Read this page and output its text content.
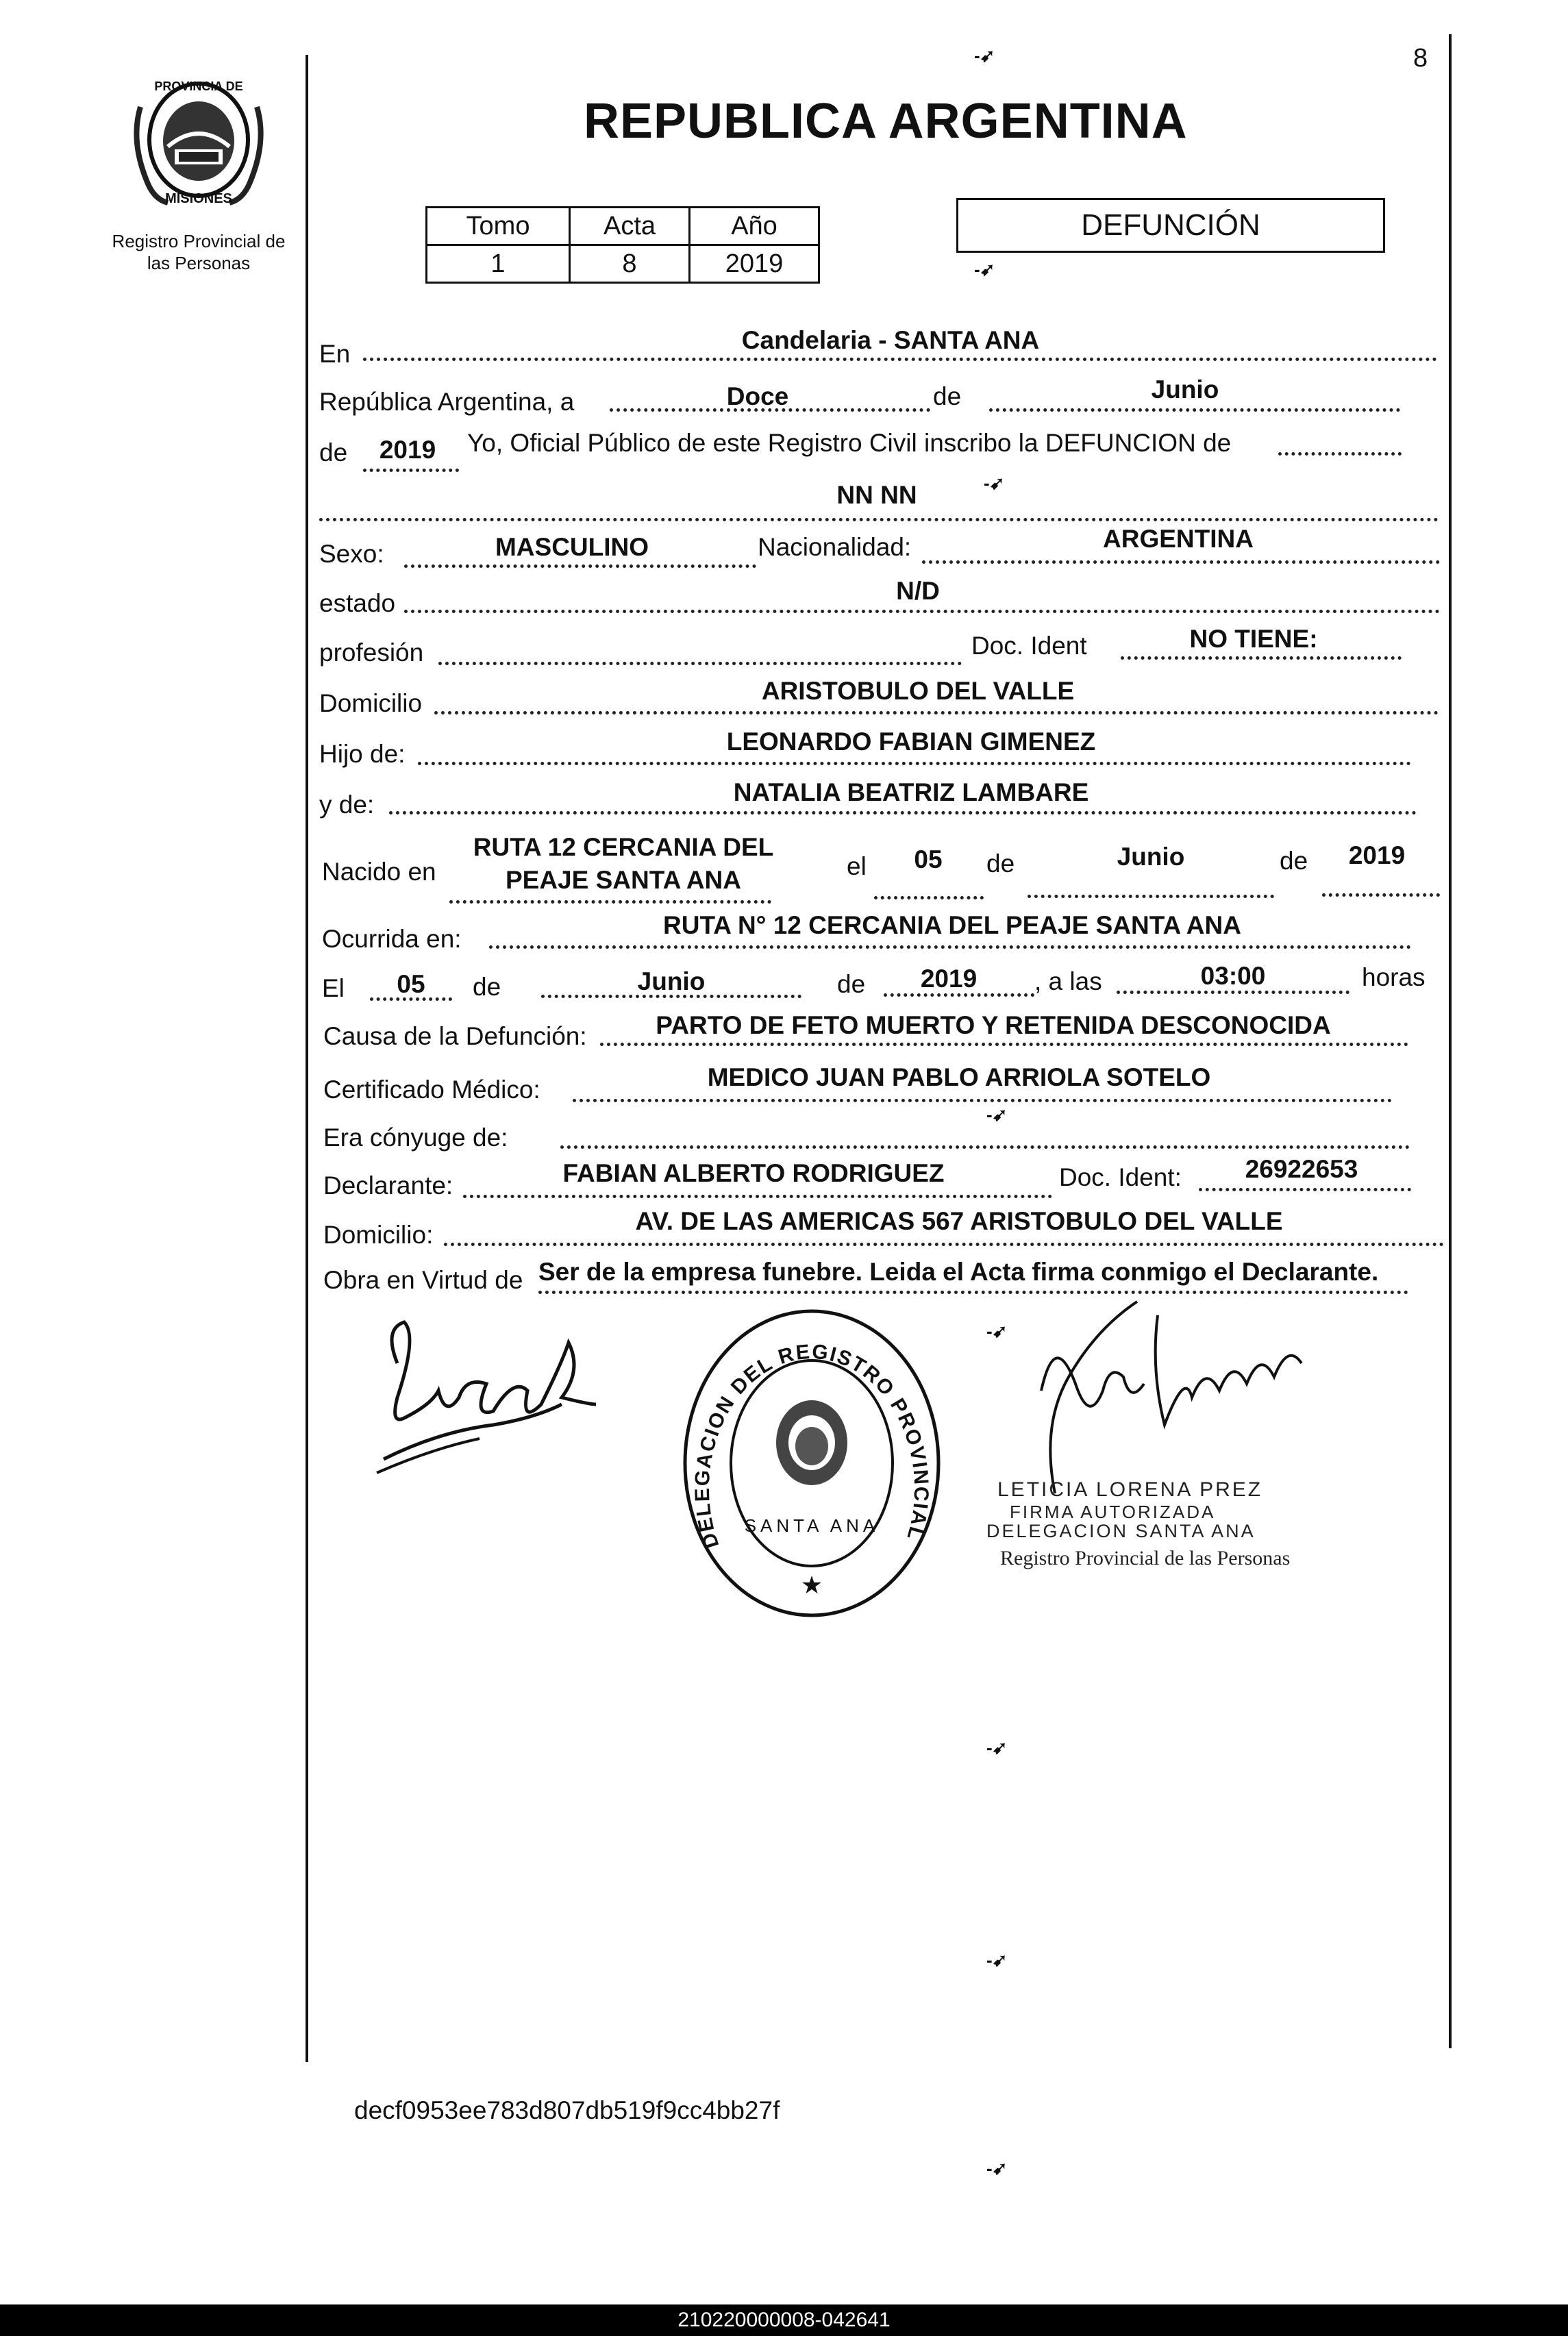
8
PROVINCIA DE
MISIONES
Registro Provincial de las Personas
REPUBLICA ARGENTINA
Tomo	Acta	Año
1	8	2019
DEFUNCIÓN
-➹
-➹
-➹
-➹
-➹
-➹
-➹
-➹
En	Candelaria - SANTA ANA
República Argentina, a	Doce	de	Junio
de	2019	Yo, Oficial Público de este Registro Civil inscribo la DEFUNCION de
NN NN
Sexo:	MASCULINO	Nacionalidad:	ARGENTINA
estado	N/D
profesión	Doc. Ident	NO TIENE:
Domicilio	ARISTOBULO DEL VALLE
Hijo de:	LEONARDO FABIAN GIMENEZ
y de:	NATALIA BEATRIZ LAMBARE
Nacido en
RUTA 12 CERCANIA DEL
PEAJE SANTA ANA	el	05	de	Junio	de	2019
Ocurrida en:	RUTA N° 12 CERCANIA DEL PEAJE SANTA ANA
El	05	de	Junio	de	2019	, a las	03:00	horas
Causa de la Defunción:	PARTO DE FETO MUERTO Y RETENIDA DESCONOCIDA
Certificado Médico:	MEDICO JUAN PABLO ARRIOLA SOTELO
Era cónyuge de:
Declarante:	FABIAN ALBERTO RODRIGUEZ	Doc. Ident:	26922653
Domicilio:	AV. DE LAS AMERICAS 567 ARISTOBULO DEL VALLE
Obra en Virtud de Ser de la empresa funebre. Leida el Acta firma conmigo el Declarante.
DELEGACION DEL REGISTRO PROVINCIAL
SANTA ANA
★
LETICIA LORENA PREZ
FIRMA AUTORIZADA
DELEGACION SANTA ANA
Registro Provincial de las Personas
decf0953ee783d807db519f9cc4bb27f
210220000008-042641
